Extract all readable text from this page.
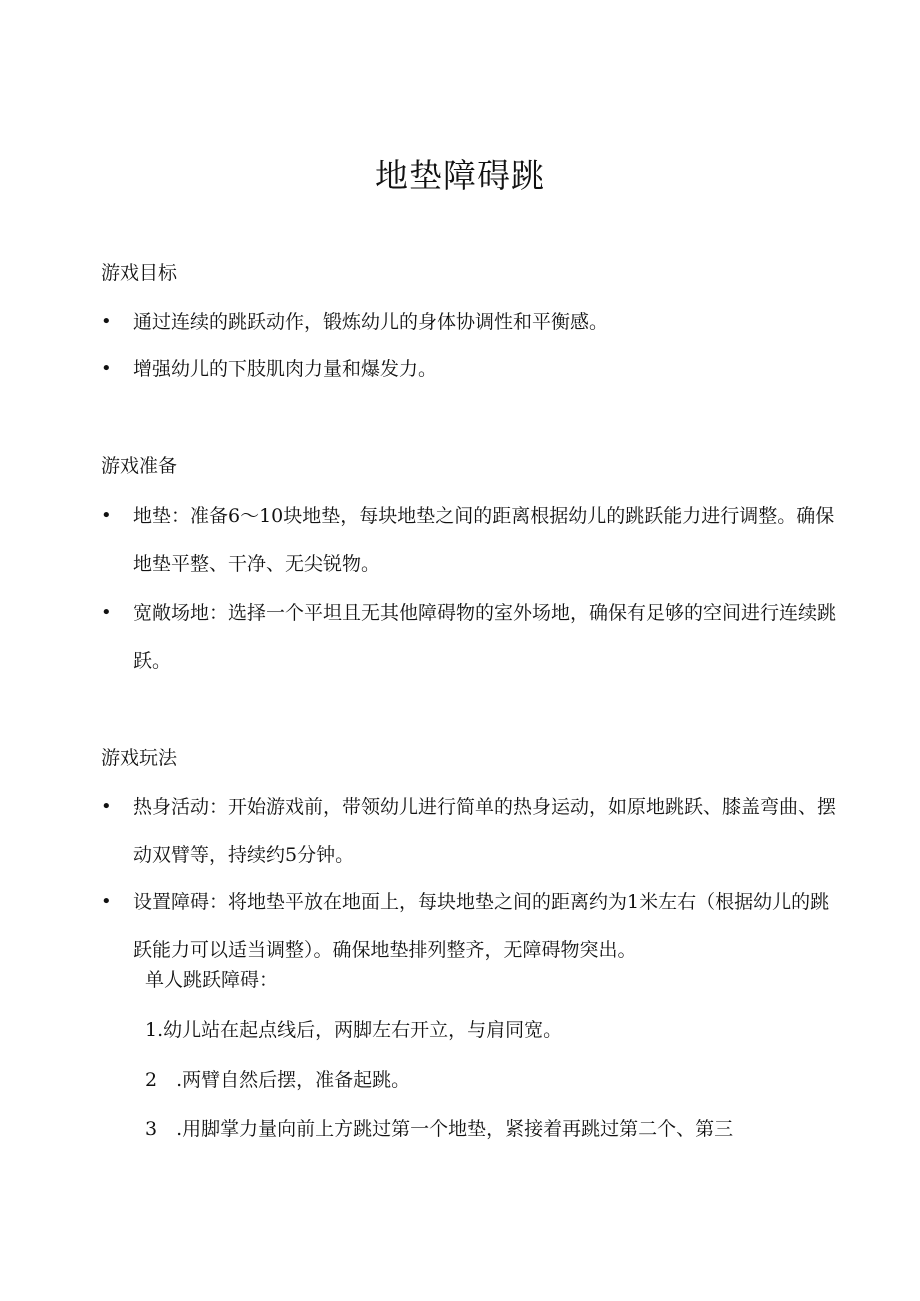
地垫障碍跳
游戏目标
•	通过连续的跳跃动作，锻炼幼儿的身体协调性和平衡感。
•	增强幼儿的下肢肌肉力量和爆发力。
游戏准备
•	地垫：准备6～10块地垫，每块地垫之间的距离根据幼儿的跳跃能力进行调整。确保地垫平整、干净、无尖锐物。
•	宽敞场地：选择一个平坦且无其他障碍物的室外场地，确保有足够的空间进行连续跳跃。
游戏玩法
•	热身活动：开始游戏前，带领幼儿进行简单的热身运动，如原地跳跃、膝盖弯曲、摆动双臂等，持续约5分钟。
•	设置障碍：将地垫平放在地面上，每块地垫之间的距离约为1米左右（根据幼儿的跳跃能力可以适当调整）。确保地垫排列整齐，无障碍物突出。

单人跳跃障碍：

1.幼儿站在起点线后，两脚左右开立，与肩同宽。

2　.两臂自然后摆，准备起跳。

3　.用脚掌力量向前上方跳过第一个地垫，紧接着再跳过第二个、第三
